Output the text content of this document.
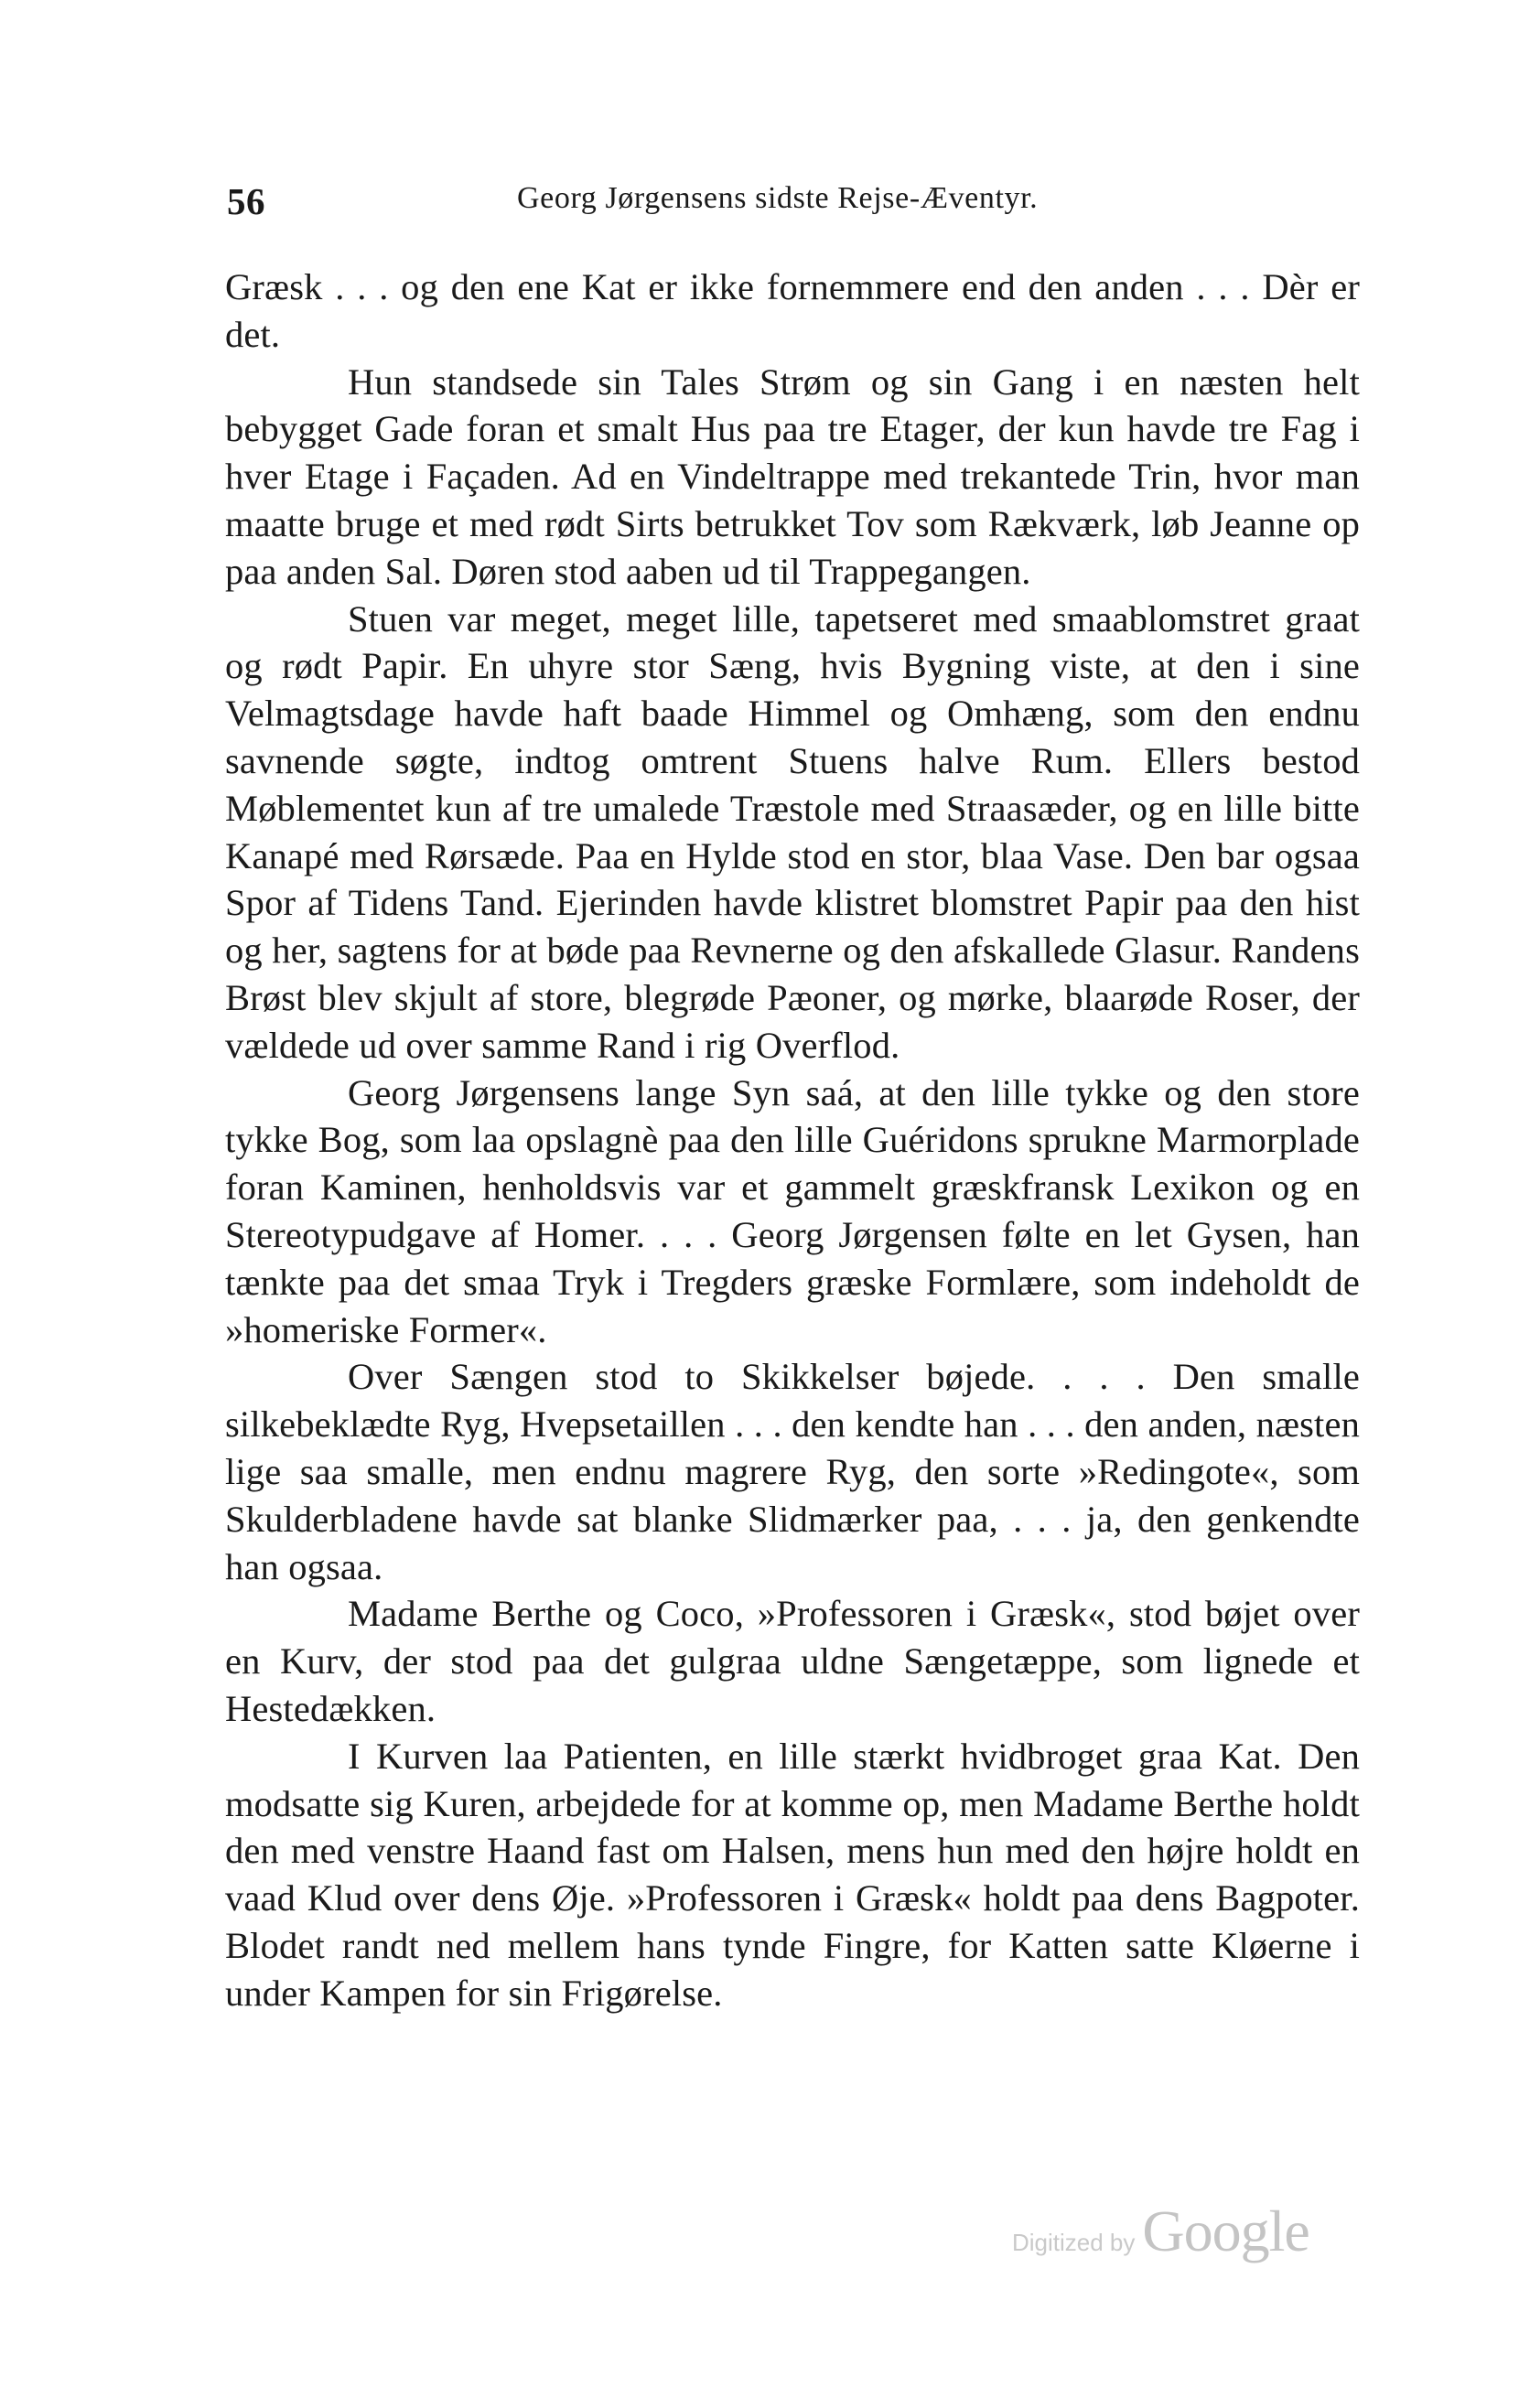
56	Georg Jørgensens sidste Rejse-Æventyr.

Græsk . . . og den ene Kat er ikke fornemmere end den anden . . . Dèr er det.

Hun standsede sin Tales Strøm og sin Gang i en næsten helt bebygget Gade foran et smalt Hus paa tre Etager, der kun havde tre Fag i hver Etage i Façaden. Ad en Vindeltrappe med trekantede Trin, hvor man maatte bruge et med rødt Sirts betrukket Tov som Rækværk, løb Jeanne op paa anden Sal. Døren stod aaben ud til Trappegangen.

Stuen var meget, meget lille, tapetseret med smaablomstret graat og rødt Papir. En uhyre stor Sæng, hvis Bygning viste, at den i sine Velmagtsdage havde haft baade Himmel og Omhæng, som den endnu savnende søgte, indtog omtrent Stuens halve Rum. Ellers bestod Møblementet kun af tre umalede Træstole med Straasæder, og en lille bitte Kanapé med Rørsæde. Paa en Hylde stod en stor, blaa Vase. Den bar ogsaa Spor af Tidens Tand. Ejerinden havde klistret blomstret Papir paa den hist og her, sagtens for at bøde paa Revnerne og den afskallede Glasur. Randens Brøst blev skjult af store, blegrøde Pæoner, og mørke, blaarøde Roser, der vældede ud over samme Rand i rig Overflod.

Georg Jørgensens lange Syn saá, at den lille tykke og den store tykke Bog, som laa opslagnè paa den lille Guéridons sprukne Marmorplade foran Kaminen, henholdsvis var et gammelt græskfransk Lexikon og en Stereotypudgave af Homer. . . . Georg Jørgensen følte en let Gysen, han tænkte paa det smaa Tryk i Tregders græske Formlære, som indeholdt de »homeriske Former«.

Over Sængen stod to Skikkelser bøjede. . . . Den smalle silkebeklædte Ryg, Hvepsetaillen . . . den kendte han . . . den anden, næsten lige saa smalle, men endnu magrere Ryg, den sorte »Redingote«, som Skulderbladene havde sat blanke Slidmærker paa, . . . ja, den genkendte han ogsaa.

Madame Berthe og Coco, »Professoren i Græsk«, stod bøjet over en Kurv, der stod paa det gulgraa uldne Sængetæppe, som lignede et Hestedækken.

I Kurven laa Patienten, en lille stærkt hvidbroget graa Kat. Den modsatte sig Kuren, arbejdede for at komme op, men Madame Berthe holdt den med venstre Haand fast om Halsen, mens hun med den højre holdt en vaad Klud over dens Øje. »Professoren i Græsk« holdt paa dens Bagpoter. Blodet randt ned mellem hans tynde Fingre, for Katten satte Kløerne i under Kampen for sin Frigørelse.

Digitized by Google
